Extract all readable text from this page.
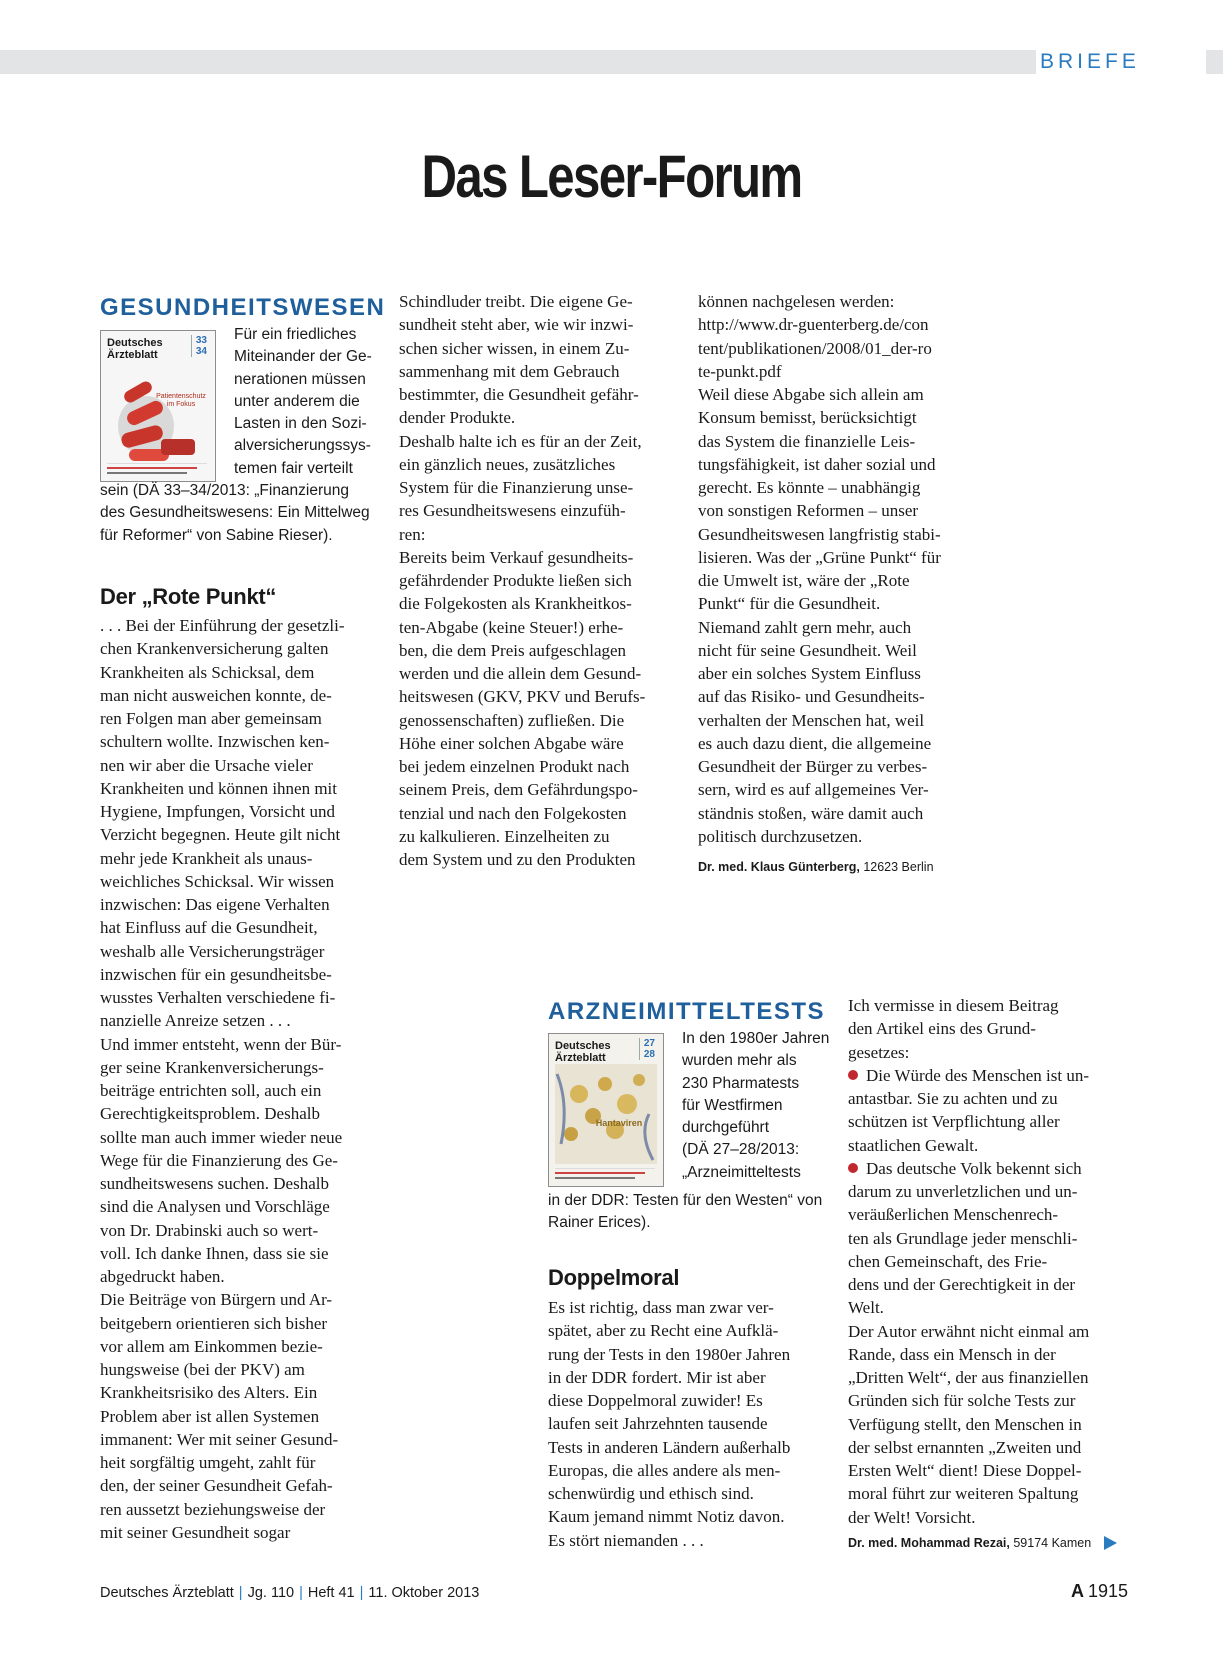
BRIEFE
Das Leser-Forum
GESUNDHEITSWESEN
Deutsches
Ärzteblatt
33
34
Patientenschutz im Fokus
Für ein friedliches
Miteinander der Ge-
nerationen müssen
unter anderem die
Lasten in den Sozi-
alversicherungssys-
temen fair verteilt
sein (DÄ 33–34/2013: „Finanzierung
des Gesundheitswesens: Ein Mittelweg
für Reformer“ von Sabine Rieser).
Der „Rote Punkt“
. . . Bei der Einführung der gesetzli-
chen Krankenversicherung galten
Krankheiten als Schicksal, dem
man nicht ausweichen konnte, de-
ren Folgen man aber gemeinsam
schultern wollte. Inzwischen ken-
nen wir aber die Ursache vieler
Krankheiten und können ihnen mit
Hygiene, Impfungen, Vorsicht und
Verzicht begegnen. Heute gilt nicht
mehr jede Krankheit als unaus-
weichliches Schicksal. Wir wissen
inzwischen: Das eigene Verhalten
hat Einfluss auf die Gesundheit,
weshalb alle Versicherungsträger
inzwischen für ein gesundheitsbe-
wusstes Verhalten verschiedene fi-
nanzielle Anreize setzen . . .
Und immer entsteht, wenn der Bür-
ger seine Krankenversicherungs-
beiträge entrichten soll, auch ein
Gerechtigkeitsproblem. Deshalb
sollte man auch immer wieder neue
Wege für die Finanzierung des Ge-
sundheitswesens suchen. Deshalb
sind die Analysen und Vorschläge
von Dr. Drabinski auch so wert-
voll. Ich danke Ihnen, dass sie sie
abgedruckt haben.
Die Beiträge von Bürgern und Ar-
beitgebern orientieren sich bisher
vor allem am Einkommen bezie-
hungsweise (bei der PKV) am
Krankheitsrisiko des Alters. Ein
Problem aber ist allen Systemen
immanent: Wer mit seiner Gesund-
heit sorgfältig umgeht, zahlt für
den, der seiner Gesundheit Gefah-
ren aussetzt beziehungsweise der
mit seiner Gesundheit sogar
Schindluder treibt. Die eigene Ge-
sundheit steht aber, wie wir inzwi-
schen sicher wissen, in einem Zu-
sammenhang mit dem Gebrauch
bestimmter, die Gesundheit gefähr-
dender Produkte.
Deshalb halte ich es für an der Zeit,
ein gänzlich neues, zusätzliches
System für die Finanzierung unse-
res Gesundheitswesens einzufüh-
ren:
Bereits beim Verkauf gesundheits-
gefährdender Produkte ließen sich
die Folgekosten als Krankheitkos-
ten-Abgabe (keine Steuer!) erhe-
ben, die dem Preis aufgeschlagen
werden und die allein dem Gesund-
heitswesen (GKV, PKV und Berufs-
genossenschaften) zufließen. Die
Höhe einer solchen Abgabe wäre
bei jedem einzelnen Produkt nach
seinem Preis, dem Gefährdungspo-
tenzial und nach den Folgekosten
zu kalkulieren. Einzelheiten zu
dem System und zu den Produkten
können nachgelesen werden:
http://www.dr-guenterberg.de/con
tent/publikationen/2008/01_der-ro
te-punkt.pdf
Weil diese Abgabe sich allein am
Konsum bemisst, berücksichtigt
das System die finanzielle Leis-
tungsfähigkeit, ist daher sozial und
gerecht. Es könnte – unabhängig
von sonstigen Reformen – unser
Gesundheitswesen langfristig stabi-
lisieren. Was der „Grüne Punkt“ für
die Umwelt ist, wäre der „Rote
Punkt“ für die Gesundheit.
Niemand zahlt gern mehr, auch
nicht für seine Gesundheit. Weil
aber ein solches System Einfluss
auf das Risiko- und Gesundheits-
verhalten der Menschen hat, weil
es auch dazu dient, die allgemeine
Gesundheit der Bürger zu verbes-
sern, wird es auf allgemeines Ver-
ständnis stoßen, wäre damit auch
politisch durchzusetzen.

Dr. med. Klaus Günterberg, 12623 Berlin

ARZNEIMITTELTESTS
Deutsches
Ärzteblatt
27
28
Hantaviren
In den 1980er Jahren
wurden mehr als
230 Pharmatests
für Westfirmen
durchgeführt
(DÄ 27–28/2013:
„Arzneimitteltests
in der DDR: Testen für den Westen“ von
Rainer Erices).
Doppelmoral
Es ist richtig, dass man zwar ver-
spätet, aber zu Recht eine Aufklä-
rung der Tests in den 1980er Jahren
in der DDR fordert. Mir ist aber
diese Doppelmoral zuwider! Es
laufen seit Jahrzehnten tausende
Tests in anderen Ländern außerhalb
Europas, die alles andere als men-
schenwürdig und ethisch sind.
Kaum jemand nimmt Notiz davon.
Es stört niemanden . . .
Ich vermisse in diesem Beitrag
den Artikel eins des Grund-
gesetzes:
Die Würde des Menschen ist un-
antastbar. Sie zu achten und zu
schützen ist Verpflichtung aller
staatlichen Gewalt.
Das deutsche Volk bekennt sich
darum zu unverletzlichen und un-
veräußerlichen Menschenrech-
ten als Grundlage jeder menschli-
chen Gemeinschaft, des Frie-
dens und der Gerechtigkeit in der
Welt.
Der Autor erwähnt nicht einmal am
Rande, dass ein Mensch in der
„Dritten Welt“, der aus finanziellen
Gründen sich für solche Tests zur
Verfügung stellt, den Menschen in
der selbst ernannten „Zweiten und
Ersten Welt“ dient! Diese Doppel-
moral führt zur weiteren Spaltung
der Welt! Vorsicht.

Dr. med. Mohammad Rezai, 59174 Kamen

Deutsches Ärzteblatt | Jg. 110 | Heft 41 | 11. Oktober 2013	A 1915
